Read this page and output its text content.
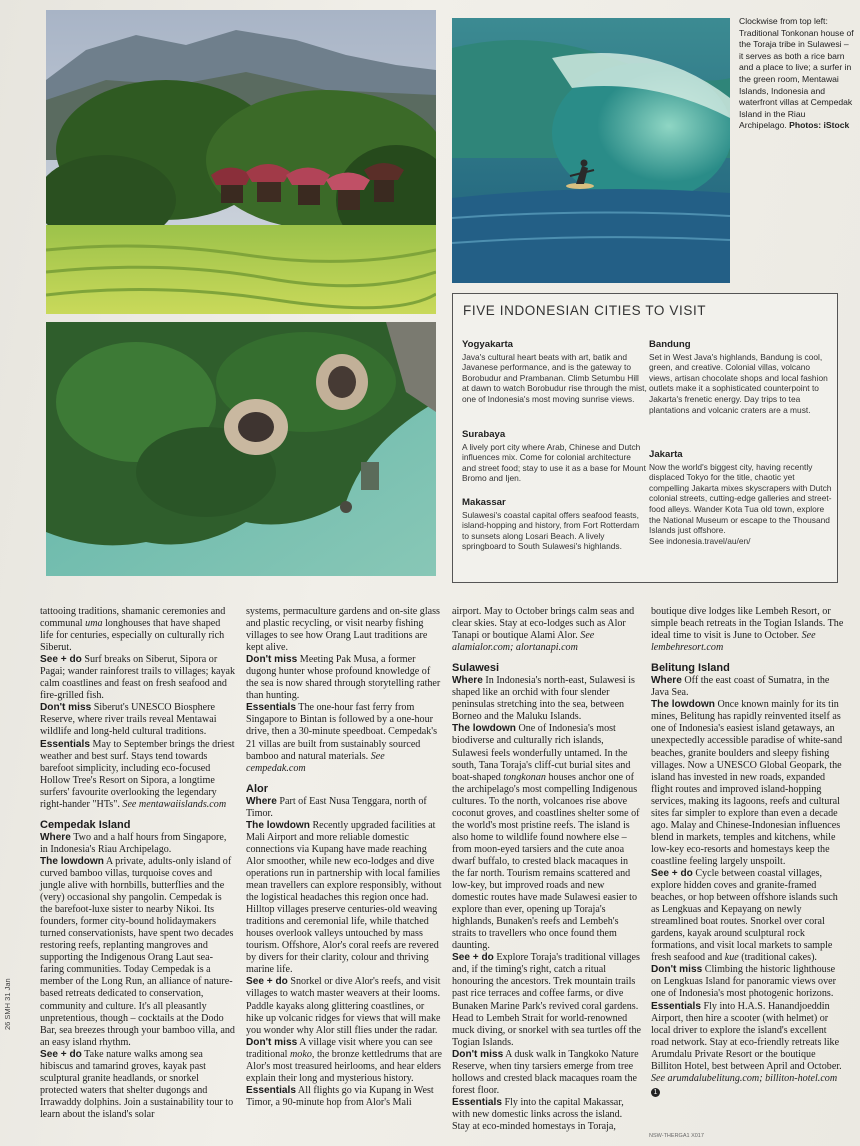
Clockwise from top left: Traditional Tonkonan house of the Toraja tribe in Sulawesi – it serves as both a rice barn and a place to live; a surfer in the green room, Mentawai Islands, Indonesia and waterfront villas at Cempedak Island in the Riau Archipelago. Photos: iStock
FIVE INDONESIAN CITIES TO VISIT
Yogyakarta

Java's cultural heart beats with art, batik and Javanese performance, and is the gateway to Borobudur and Prambanan. Climb Setumbu Hill at dawn to watch Borobudur rise through the mist, one of Indonesia's most moving sunrise views.

Surabaya

A lively port city where Arab, Chinese and Dutch influences mix. Come for colonial architecture and street food; stay to use it as a base for Mount Bromo and Ijen.

Makassar

Sulawesi's coastal capital offers seafood feasts, island-hopping and history, from Fort Rotterdam to sunsets along Losari Beach. A lively springboard to South Sulawesi's highlands.

Bandung

Set in West Java's highlands, Bandung is cool, green, and creative. Colonial villas, volcano views, artisan chocolate shops and local fashion outlets make it a sophisticated counterpoint to Jakarta's frenetic energy. Day trips to tea plantations and volcanic craters are a must.

Jakarta

Now the world's biggest city, having recently displaced Tokyo for the title, chaotic yet compelling Jakarta mixes skyscrapers with Dutch colonial streets, cutting-edge galleries and street-food alleys. Wander Kota Tua old town, explore the National Museum or escape to the Thousand Islands just offshore.

See indonesia.travel/au/en/

tattooing traditions, shamanic ceremonies and communal uma longhouses that have shaped life for centuries, especially on culturally rich Siberut.

See + do Surf breaks on Siberut, Sipora or Pagai; wander rainforest trails to villages; kayak calm coastlines and feast on fresh seafood and fire-grilled fish.

Don't miss Siberut's UNESCO Biosphere Reserve, where river trails reveal Mentawai wildlife and long-held cultural traditions.

Essentials May to September brings the driest weather and best surf. Stays tend towards barefoot simplicity, including eco-focused Hollow Tree's Resort on Sipora, a longtime surfers' favourite overlooking the legendary right-hander "HTs". See mentawaiislands.com

Cempedak Island

Where Two and a half hours from Singapore, in Indonesia's Riau Archipelago.

The lowdown A private, adults-only island of curved bamboo villas, turquoise coves and jungle alive with hornbills, butterflies and the (very) occasional shy pangolin. Cempedak is the barefoot-luxe sister to nearby Nikoi. Its founders, former city-bound holidaymakers turned conservationists, have spent two decades restoring reefs, replanting mangroves and supporting the Indigenous Orang Laut sea-faring communities. Today Cempedak is a member of the Long Run, an alliance of nature-based retreats dedicated to conservation, community and culture. It's all pleasantly unpretentious, though – cocktails at the Dodo Bar, sea breezes through your bamboo villa, and an easy island rhythm.

See + do Take nature walks among sea hibiscus and tamarind groves, kayak past sculptural granite headlands, or snorkel protected waters that shelter dugongs and Irrawaddy dolphins. Join a sustainability tour to learn about the island's solar

systems, permaculture gardens and on-site glass and plastic recycling, or visit nearby fishing villages to see how Orang Laut traditions are kept alive.

Don't miss Meeting Pak Musa, a former dugong hunter whose profound knowledge of the sea is now shared through storytelling rather than hunting.

Essentials The one-hour fast ferry from Singapore to Bintan is followed by a one-hour drive, then a 30-minute speedboat. Cempedak's 21 villas are built from sustainably sourced bamboo and natural materials. See cempedak.com

Alor

Where Part of East Nusa Tenggara, north of Timor.

The lowdown Recently upgraded facilities at Mali Airport and more reliable domestic connections via Kupang have made reaching Alor smoother, while new eco-lodges and dive operations run in partnership with local families mean travellers can explore responsibly, without the logistical headaches this region once had. Hilltop villages preserve centuries-old weaving traditions and ceremonial life, while thatched houses overlook valleys untouched by mass tourism. Offshore, Alor's coral reefs are revered by divers for their clarity, colour and thriving marine life.

See + do Snorkel or dive Alor's reefs, and visit villages to watch master weavers at their looms. Paddle kayaks along glittering coastlines, or hike up volcanic ridges for views that will make you wonder why Alor still flies under the radar.

Don't miss A village visit where you can see traditional moko, the bronze kettledrums that are Alor's most treasured heirlooms, and hear elders explain their long and mysterious history.

Essentials All flights go via Kupang in West Timor, a 90-minute hop from Alor's Mali

airport. May to October brings calm seas and clear skies. Stay at eco-lodges such as Alor Tanapi or boutique Alami Alor. See alamialor.com; alortanapi.com

Sulawesi

Where In Indonesia's north-east, Sulawesi is shaped like an orchid with four slender peninsulas stretching into the sea, between Borneo and the Maluku Islands.

The lowdown One of Indonesia's most biodiverse and culturally rich islands, Sulawesi feels wonderfully untamed. In the south, Tana Toraja's cliff-cut burial sites and boat-shaped tongkonan houses anchor one of the archipelago's most compelling Indigenous cultures. To the north, volcanoes rise above coconut groves, and coastlines shelter some of the world's most pristine reefs. The island is also home to wildlife found nowhere else – from moon-eyed tarsiers and the cute anoa dwarf buffalo, to crested black macaques in the far north. Tourism remains scattered and low-key, but improved roads and new domestic routes have made Sulawesi easier to explore than ever, opening up Toraja's highlands, Bunaken's reefs and Lembeh's straits to travellers who once found them daunting.

See + do Explore Toraja's traditional villages and, if the timing's right, catch a ritual honouring the ancestors. Trek mountain trails past rice terraces and coffee farms, or dive Bunaken Marine Park's revived coral gardens. Head to Lembeh Strait for world-renowned muck diving, or snorkel with sea turtles off the Togian Islands.

Don't miss A dusk walk in Tangkoko Nature Reserve, when tiny tarsiers emerge from tree hollows and crested black macaques roam the forest floor.

Essentials Fly into the capital Makassar, with new domestic links across the island. Stay at eco-minded homestays in Toraja,

boutique dive lodges like Lembeh Resort, or simple beach retreats in the Togian Islands. The ideal time to visit is June to October. See lembehresort.com

Belitung Island

Where Off the east coast of Sumatra, in the Java Sea.

The lowdown Once known mainly for its tin mines, Belitung has rapidly reinvented itself as one of Indonesia's easiest island getaways, an unexpectedly accessible paradise of white-sand beaches, granite boulders and sleepy fishing villages. Now a UNESCO Global Geopark, the island has invested in new roads, expanded flight routes and improved island-hopping services, making its lagoons, reefs and cultural sites far simpler to explore than even a decade ago. Malay and Chinese-Indonesian influences blend in markets, temples and kitchens, while low-key eco-resorts and homestays keep the coastline feeling largely unspoilt.

See + do Cycle between coastal villages, explore hidden coves and granite-framed beaches, or hop between offshore islands such as Lengkuas and Kepayang on newly streamlined boat routes. Snorkel over coral gardens, kayak around sculptural rock formations, and visit local markets to sample fresh seafood and kue (traditional cakes).

Don't miss Climbing the historic lighthouse on Lengkuas Island for panoramic views over one of Indonesia's most photogenic horizons.

Essentials Fly into H.A.S. Hanandjoeddin Airport, then hire a scooter (with helmet) or local driver to explore the island's excellent road network. Stay at eco-friendly retreats like Arumdalu Private Resort or the boutique Billiton Hotel, best between April and October. See arumdalubelitung.com; billiton-hotel.com 1

26 SMH 31 Jan
NSW-THERGA1 X017
